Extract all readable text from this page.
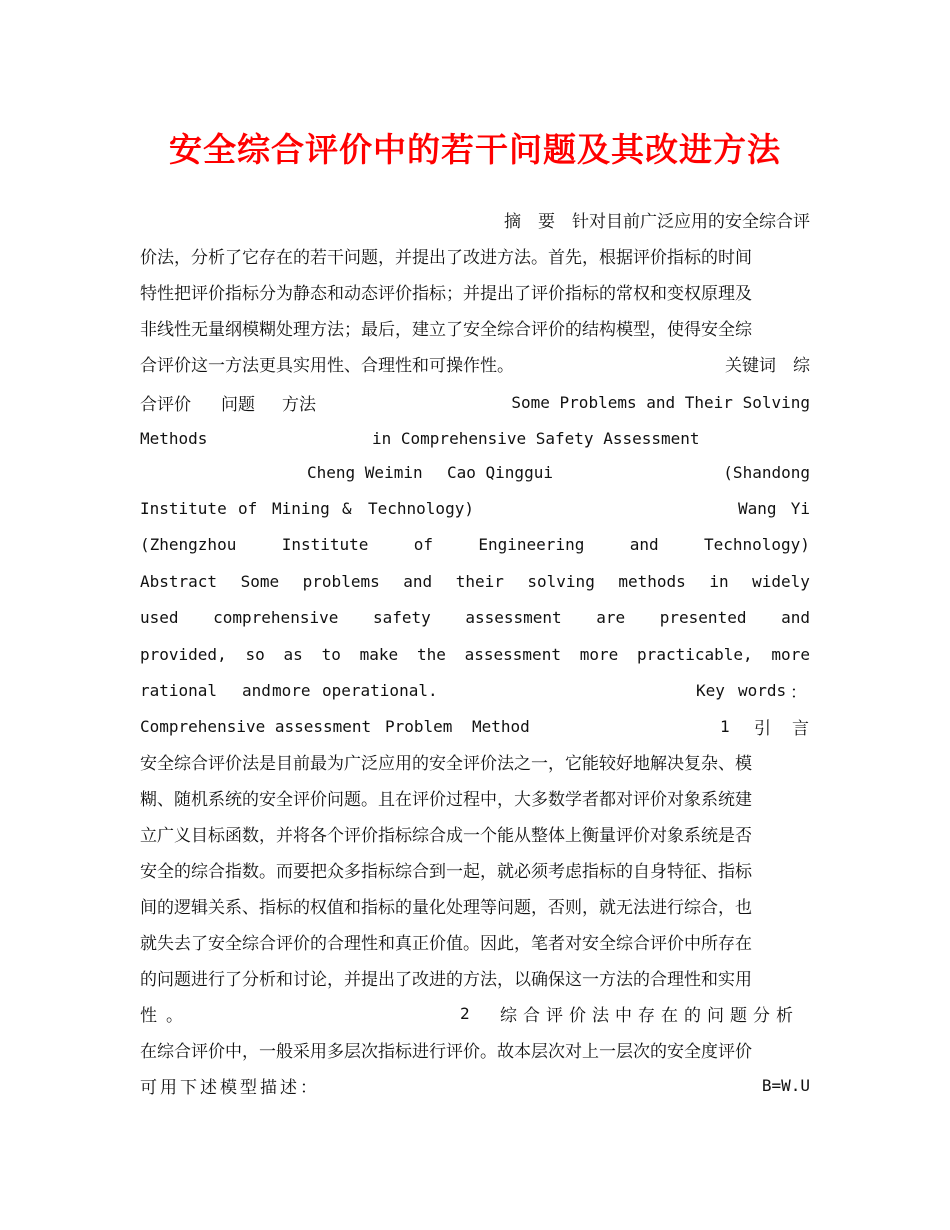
安全综合评价中的若干问题及其改进方法
摘　要　针对目前广泛应用的安全综合评
价法，分析了它存在的若干问题，并提出了改进方法。首先，根据评价指标的时间
特性把评价指标分为静态和动态评价指标；并提出了评价指标的常权和变权原理及
非线性无量纲模糊处理方法；最后，建立了安全综合评价的结构模型，使得安全综
合评价这一方法更具实用性、合理性和可操作性。	关键词　综
合评价 问题 方法	Some Problems and Their Solving
Methods	in Comprehensive Safety Assessment
Cheng Weimin Cao Qinggui	(Shandong
Institute of Mining & Technology)	Wang Yi
(Zhengzhou	Institute	of	Engineering	and	Technology)
Abstract Some problems and their solving methods in widely
used comprehensive safety assessment are presented and
provided, so as to make the assessment more practicable, more
rational and more operational.	Key words ：
Comprehensive assessment Problem Method	1 引 言
安全综合评价法是目前最为广泛应用的安全评价法之一，它能较好地解决复杂、模
糊、随机系统的安全评价问题。且在评价过程中，大多数学者都对评价对象系统建
立广义目标函数，并将各个评价指标综合成一个能从整体上衡量评价对象系统是否
安全的综合指数。而要把众多指标综合到一起，就必须考虑指标的自身特征、指标
间的逻辑关系、指标的权值和指标的量化处理等问题，否则，就无法进行综合，也
就失去了安全综合评价的合理性和真正价值。因此，笔者对安全综合评价中所存在
的问题进行了分析和讨论，并提出了改进的方法，以确保这一方法的合理性和实用
性 。	2 综 合 评 价 法 中 存 在 的 问 题 分 析
在综合评价中，一般采用多层次指标进行评价。故本层次对上一层次的安全度评价
可 用 下 述 模 型 描 述 ：	B=W.U
